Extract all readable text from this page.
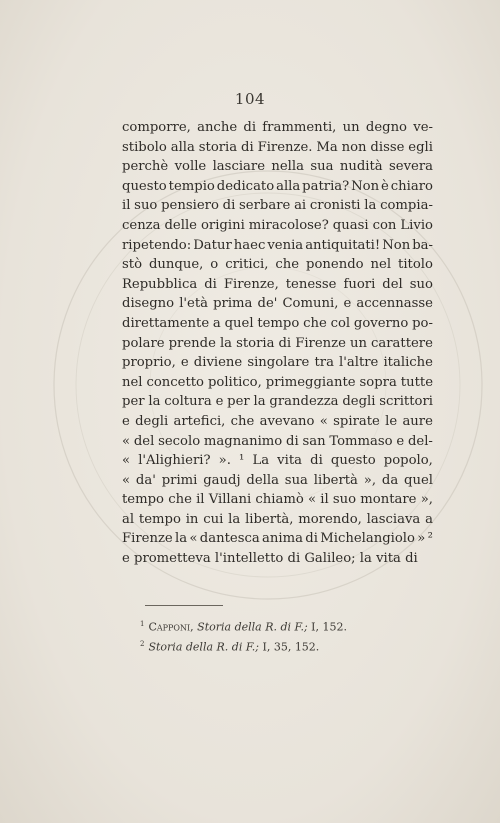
104
comporre, anche di frammenti, un degno ve-
stibolo alla storia di Firenze. Ma non disse egli
perchè volle lasciare nella sua nudità severa
questo tempio dedicato alla patria? Non è chiaro
il suo pensiero di serbare ai cronisti la compia-
cenza delle origini miracolose? quasi con Livio
ripetendo: Datur haec venia antiquitati! Non ba-
stò dunque, o critici, che ponendo nel titolo
Repubblica di Firenze, tenesse fuori del suo
disegno l'età prima de' Comuni, e accennasse
direttamente a quel tempo che col governo po-
polare prende la storia di Firenze un carattere
proprio, e diviene singolare tra l'altre italiche
nel concetto politico, primeggiante sopra tutte
per la coltura e per la grandezza degli scrittori
e degli artefici, che avevano « spirate le aure
« del secolo magnanimo di san Tommaso e del-
« l'Alighieri? ». ¹ La vita di questo popolo,
« da' primi gaudj della sua libertà », da quel
tempo che il Villani chiamò « il suo montare »,
al tempo in cui la libertà, morendo, lasciava a
Firenze la « dantesca anima di Michelangiolo » ²
e prometteva l'intelletto di Galileo; la vita di
$^1$ Capponi, Storia della R. di F.; I, 152.
$^2$ Storia della R. di F.; I, 35, 152.
